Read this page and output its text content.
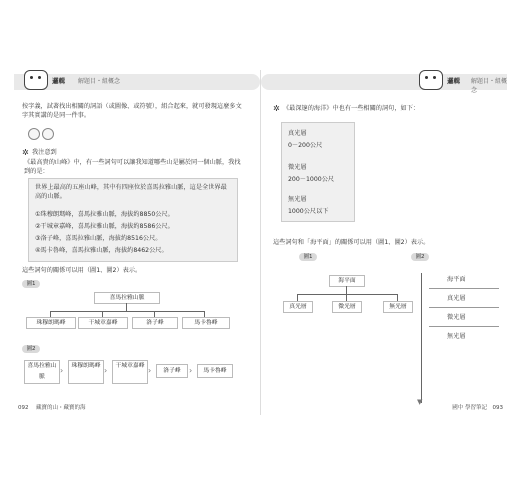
邏輯 解題目・組概念
按字義，試著找出相關的詞語（或圖像、或符號），組合起來，就可發現這麼多文字其實講的是同一件事。
✲ 我注意到
《最高貴的山峰》中，有一些詞句可以讓我知道哪些山是屬於同一個山脈，我找到的是：
世界上最高的五座山峰，其中有四座位於喜馬拉雅山脈，這是全世界最高的山脈。
①珠穆朗瑪峰，喜馬拉雅山脈，海拔約8850公尺。
②干城章嘉峰，喜馬拉雅山脈，海拔約8586公尺。
③洛子峰，喜馬拉雅山脈，海拔約8516公尺。
④馬卡魯峰，喜馬拉雅山脈，海拔約8462公尺。
這些詞句的關係可以用（圖1、圖2）表示。
圖1
喜馬拉雅山脈
珠穆朗瑪峰	干城章嘉峰	洛子峰	馬卡魯峰
圖2
喜馬拉雅山脈
›	珠穆朗瑪峰 ›	干城章嘉峰 ›	洛子峰	›	馬卡魯峰
092 藏寶的山・藏寶的海
邏輯 解題目・組概念
✲ 《最深邃的海洋》中也有一些相關的詞句，如下：
真光層
0－200公尺
微光層
200－1000公尺
無光層
1000公尺以下
這些詞句和「海平面」的關係可以用（圖1、圖2）表示。
圖1	圖2
海平面
真光層	微光層	無光層
▼
海平面
真光層
微光層
無光層
國中 學習筆記 093
